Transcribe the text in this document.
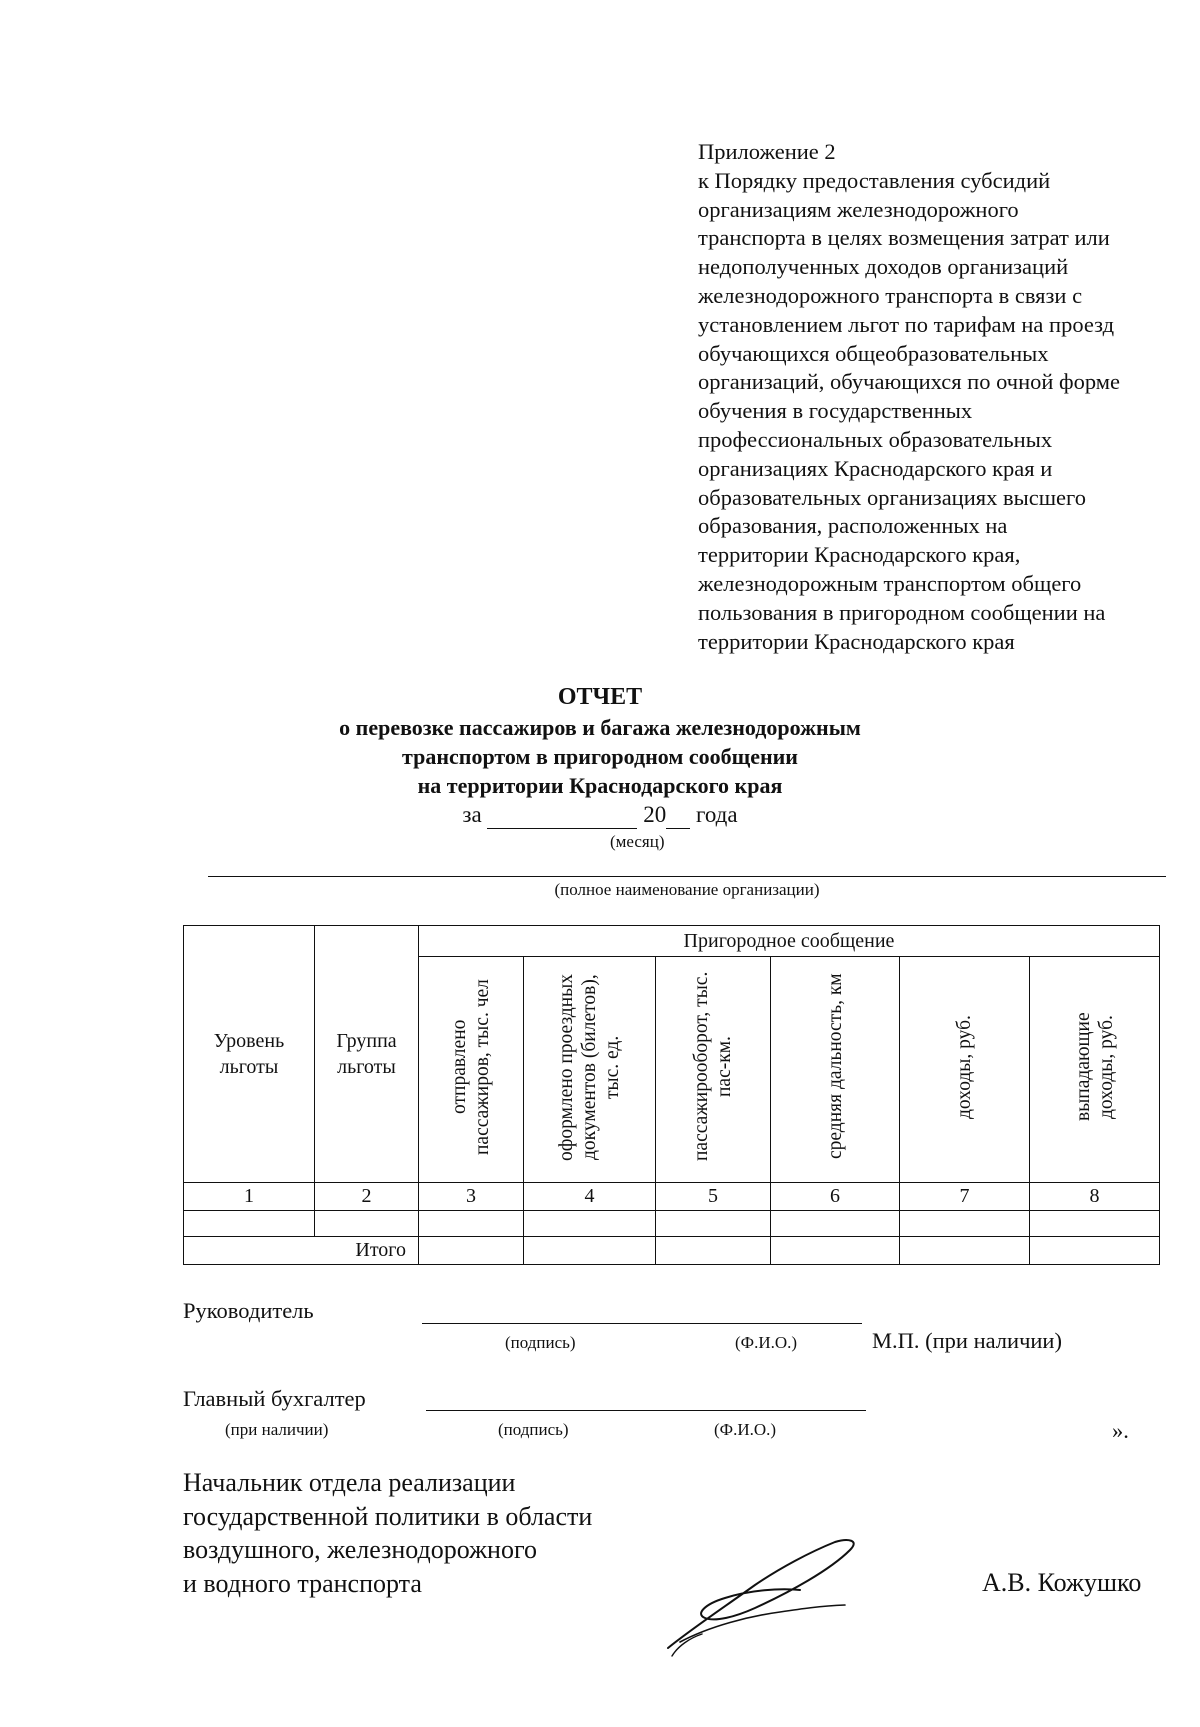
Приложение 2
к Порядку предоставления субсидий
организациям железнодорожного
транспорта в целях возмещения затрат или
недополученных доходов организаций
железнодорожного транспорта в связи с
установлением льгот по тарифам на проезд
обучающихся общеобразовательных
организаций, обучающихся по очной форме
обучения в государственных
профессиональных образовательных
организациях Краснодарского края и
образовательных организациях высшего
образования, расположенных на
территории Краснодарского края,
железнодорожным транспортом общего
пользования в пригородном сообщении на
территории Краснодарского края
ОТЧЕТ
о перевозке пассажиров и багажа железнодорожным
транспортом в пригородном сообщении
на территории Краснодарского края
за	20 года
(месяц)
(полное наименование организации)
Уровень льготы	Группа льготы	Пригородное сообщение					
		отправлено пассажиров, тыс. чел	оформлено проездных документов (билетов), тыс. ед.	пассажирооборот, тыс. пас-км.	средняя дальность, км	доходы, руб.	выпадающие доходы, руб.
1	2	3	4	5	6	7	8

Итого							
Руководитель
(подпись)	(Ф.И.О.)	М.П. (при наличии)
Главный бухгалтер
(при наличии)	(подпись)	(Ф.И.О.)	».
Начальник отдела реализации
государственной политики в области
воздушного, железнодорожного
и водного транспорта	А.В. Кожушко
